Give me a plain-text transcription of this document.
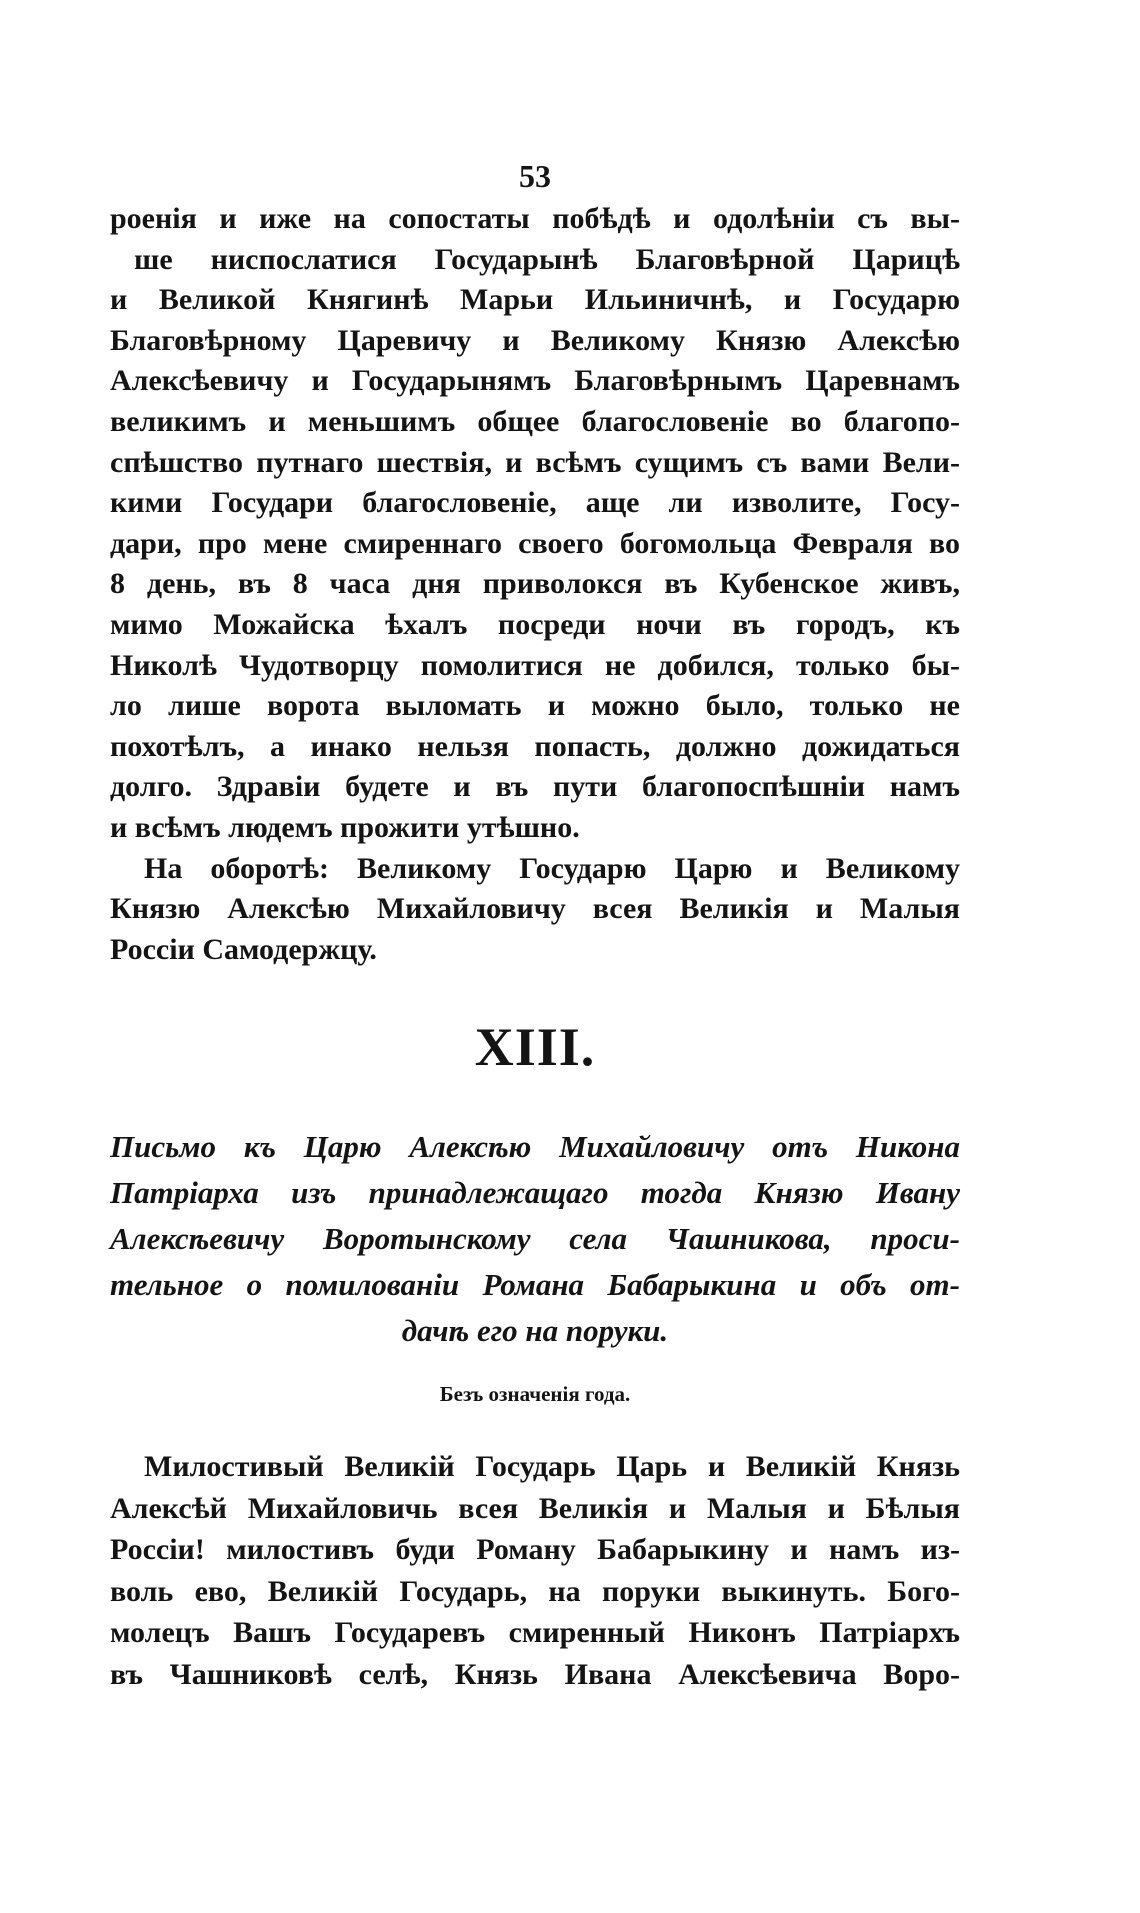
53
роенія и иже на сопостаты побѣдѣ и одолѣніи съ вы-
ше ниспослатися Государынѣ Благовѣрной Царицѣ
и Великой Княгинѣ Марьи Ильиничнѣ, и Государю
Благовѣрному Царевичу и Великому Князю Алексѣю
Алексѣевичу и Государынямъ Благовѣрнымъ Царевнамъ
великимъ и меньшимъ общее благословеніе во благопо-
спѣшство путнаго шествія, и всѣмъ сущимъ съ вами Вели-
кими Государи благословеніе, аще ли изволите, Госу-
дари, про мене смиреннаго своего богомольца Февраля во
8 день, въ 8 часа дня приволокся въ Кубенское живъ,
мимо Можайска ѣхалъ посреди ночи въ городъ, къ
Николѣ Чудотворцу помолитися не добился, только бы-
ло лише ворота выломать и можно было, только не
похотѣлъ, а инако нельзя попасть, должно дожидаться
долго. Здравіи будете и въ пути благопоспѣшніи намъ
и всѣмъ людемъ прожити утѣшно.
На оборотѣ: Великому Государю Царю и Великому
Князю Алексѣю Михайловичу всея Великія и Малыя
Россіи Самодержцу.
XIII.
Письмо къ Царю Алексѣю Михайловичу отъ Никона
Патріарха изъ принадлежащаго тогда Князю Ивану
Алексѣевичу Воротынскому села Чашникова, проси-
тельное о помилованіи Романа Бабарыкина и объ от-
дачѣ его на поруки.
Безъ означенія года.
Милостивый Великій Государь Царь и Великій Князь
Алексѣй Михайловичь всея Великія и Малыя и Бѣлыя
Россіи! милостивъ буди Роману Бабарыкину и намъ из-
воль ево, Великій Государь, на поруки выкинуть. Бого-
молецъ Вашъ Государевъ смиренный Никонъ Патріархъ
въ Чашниковѣ селѣ, Князь Ивана Алексѣевича Воро-
